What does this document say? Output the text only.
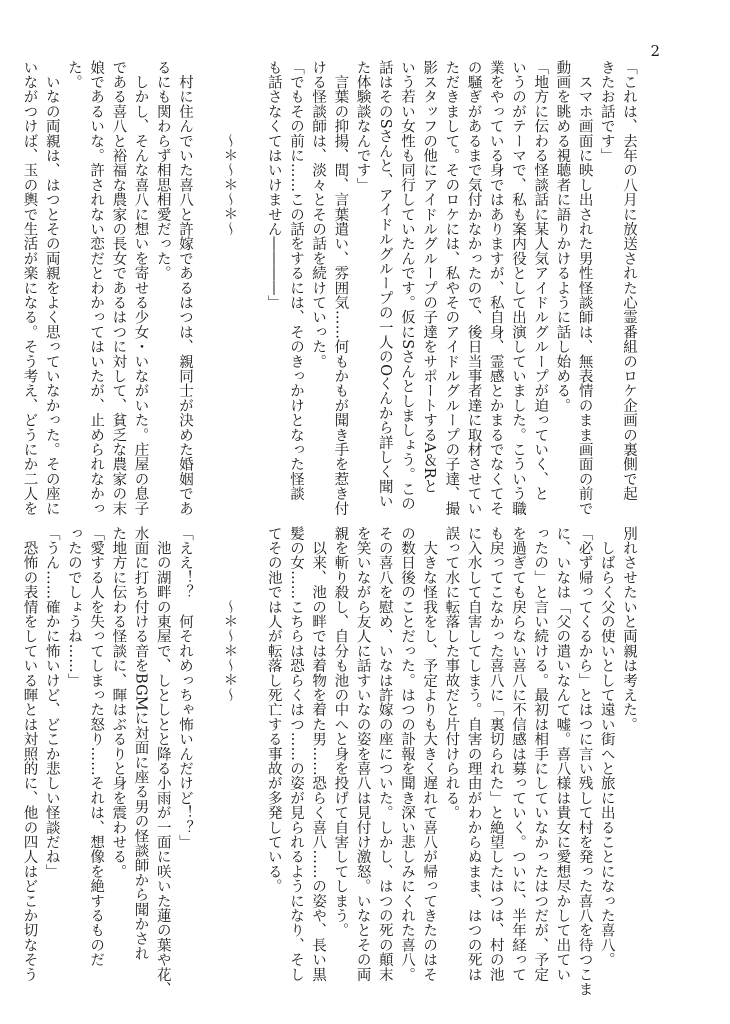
2

「これは、去年の八月に放送された心霊番組のロケ企画の裏側で起

きたお話です」

　スマホ画面に映し出された男性怪談師は、無表情のまま画面の前で

動画を眺める視聴者に語りかけるように話し始める。

「地方に伝わる怪談話に某人気アイドルグループが迫っていく、と

いうのがテーマで、私も案内役として出演していました。こういう職

業をやっている身ではありますが、私自身、霊感とかまるでなくてそ

の騒ぎがあるまで気付かなかったので、後日当事者達に取材させてい

ただきまして。そのロケには、私やそのアイドルグループの子達、撮

影スタッフの他にアイドルグループの子達をサポートするA＆Rと

いう若い女性も同行していたんです。仮にSさんとしましょう。この

話はそのSさんと、アイドルグループの一人のOくんから詳しく聞い

た体験談なんです」

　言葉の抑揚、間、言葉遣い、雰囲気……何もかもが聞き手を惹き付

ける怪談師は、淡々とその話を続けていった。

「でもその前に……この話をするには、そのきっかけとなった怪談

も話さなくてはいけません――――」

～＊～＊～＊～

　村に住んでいた喜八と許嫁であるはつは、親同士が決めた婚姻であ

るにも関わらず相思相愛だった。

　しかし、そんな喜八に想いを寄せる少女・いながいた。庄屋の息子

である喜八と裕福な農家の長女であるはつに対して、貧乏な農家の末

娘であるいな。許されない恋だとわかってはいたが、止められなかっ

た。

　いなの両親は、はつとその両親をよく思っていなかった。その座に

いながつけば、玉の輿で生活が楽になる。そう考え、どうにか二人を

別れさせたいと両親は考えた。

　しばらく父の使いとして遠い街へと旅に出ることになった喜八。

「必ず帰ってくるから」とはつに言い残して村を発った喜八を待つこま

に、いなは「父の遣いなんて嘘。喜八様は貴女に愛想尽かして出てい

ったの」と言い続ける。最初は相手にしていなかったはつだが、予定

を過ぎても戻らない喜八に不信感は募っていく。ついに、半年経って

も戻ってこなかった喜八に「裏切られた」と絶望したはつは、村の池

に入水して自害してしまう。自害の理由がわからぬまま、はつの死は

誤って水に転落した事故だと片付けられる。

　大きな怪我をし、予定よりも大きく遅れて喜八が帰ってきたのはそ

の数日後のことだった。はつの訃報を聞き深い悲しみにくれた喜八。

その喜八を慰め、いなは許嫁の座についた。しかし、はつの死の顛末

を笑いながら友人に話すいなの姿を喜八は見付け激怒。いなとその両

親を斬り殺し、自分も池の中へと身を投げて自害してしまう。

　以来、池の畔では着物を着た男……恐らく喜八……の姿や、長い黒

髪の女……こちらは恐らくはつ……の姿が見られるようになり、そし

てその池では人が転落し死亡する事故が多発している。

～＊～＊～＊～

「ええ！？　何それめっちゃ怖いんだけど！？」

　池の湖畔の東屋で、しとしとと降る小雨が一面に咲いた蓮の葉や花、

水面に打ち付ける音をBGMに対面に座る男の怪談師から聞かされ

た地方に伝わる怪談に、暉はぶるりと身を震わせる。

「愛する人を失ってしまった怒り……それは、想像を絶するものだ

ったのでしょうね……」

「うん……確かに怖いけど、どこか悲しい怪談だね」

　恐怖の表情をしている暉とは対照的に、他の四人はどこか切なそう
